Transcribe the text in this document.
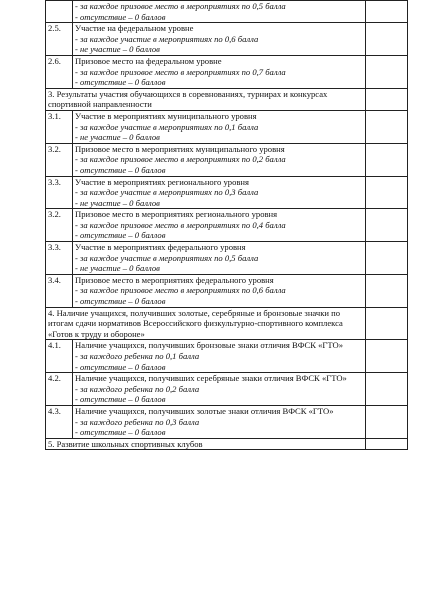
	- за каждое призовое место в мероприятиях по 0,5 балла
- отсутствие – 0 баллов	

2.5.	Участие на федеральном уровне
- за каждое участие в мероприятиях по 0,6 балла
- не участие – 0 баллов	

2.6.	Призовое место на федеральном уровне
- за каждое призовое место в мероприятиях по 0,7 балла
- отсутствие – 0 баллов	

3. Результаты участия обучающихся в соревнованиях, турнирах и конкурсах спортивной направленности		

3.1.	Участие в мероприятиях муниципального уровня
- за каждое участие в мероприятиях по 0,1 балла
- не участие – 0 баллов	

3.2.	Призовое место в мероприятиях муниципального уровня
- за каждое призовое место в мероприятиях по 0,2 балла
- отсутствие – 0 баллов	

3.3.	Участие в мероприятиях регионального уровня
- за каждое участие в мероприятиях по 0,3 балла
- не участие – 0 баллов	

3.2.	Призовое место в мероприятиях регионального уровня
- за каждое призовое место в мероприятиях по 0,4 балла
- отсутствие – 0 баллов	

3.3.	Участие в мероприятиях федерального уровня
- за каждое участие в мероприятиях по 0,5 балла
- не участие – 0 баллов	

3.4.	Призовое место в мероприятиях федерального уровня
- за каждое призовое место в мероприятиях по 0,6 балла
- отсутствие – 0 баллов	

4. Наличие учащихся, получивших золотые, серебряные и бронзовые значки по итогам сдачи нормативов Всероссийского физкультурно-спортивного комплекса «Готов к труду и обороне»		

4.1.	Наличие учащихся, получивших бронзовые знаки отличия ВФСК «ГТО»
- за каждого ребенка по 0,1 балла
- отсутствие – 0 баллов	

4.2.	Наличие учащихся, получивших серебряные знаки отличия ВФСК «ГТО»
- за каждого ребенка по 0,2 балла
- отсутствие – 0 баллов	

4.3.	Наличие учащихся, получивших золотые знаки отличия ВФСК «ГТО»
- за каждого ребенка по 0,3 балла
- отсутствие – 0 баллов	

5. Развитие школьных спортивных клубов		
